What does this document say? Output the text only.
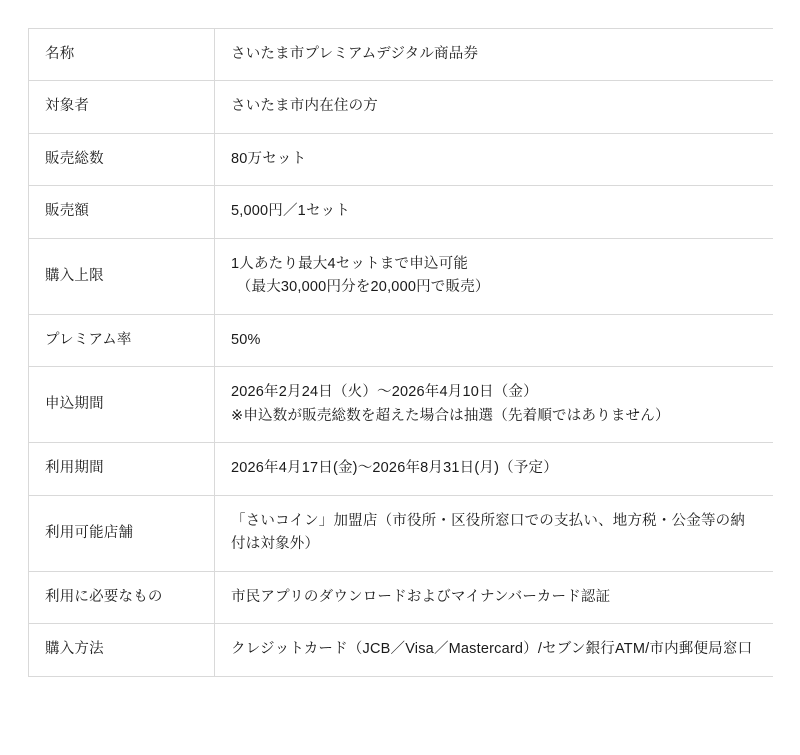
名称	さいたま市プレミアムデジタル商品券

対象者	さいたま市内在住の方

販売総数	80万セット

販売額	5,000円／1セット

購入上限	1人あたり最大4セットまで申込可能
（最大30,000円分を20,000円で販売）

プレミアム率	50%

申込期間	2026年2月24日（火）〜2026年4月10日（金）
※申込数が販売総数を超えた場合は抽選（先着順ではありません）

利用期間	2026年4月17日(金)〜2026年8月31日(月)（予定）

利用可能店舗	「さいコイン」加盟店（市役所・区役所窓口での支払い、地方税・公金等の納付は対象外）

利用に必要なもの	市民アプリのダウンロードおよびマイナンバーカード認証

購入方法	クレジットカード（JCB／Visa／Mastercard）/セブン銀行ATM/市内郵便局窓口
